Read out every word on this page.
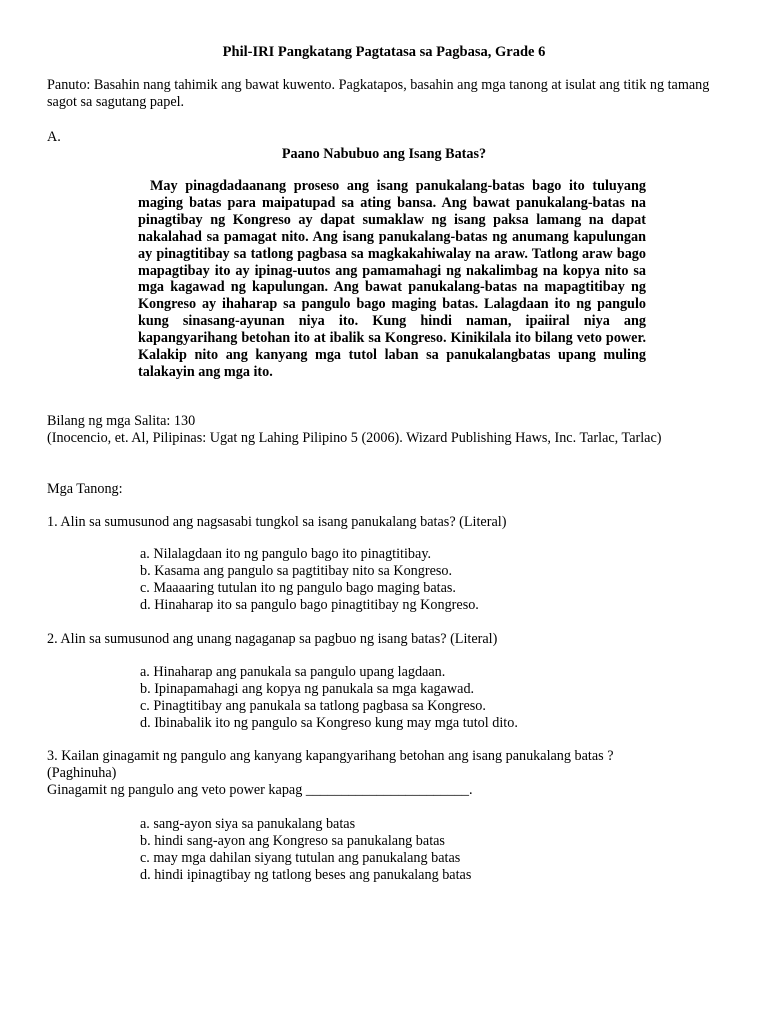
Phil-IRI Pangkatang Pagtatasa sa Pagbasa, Grade 6

Panuto: Basahin nang tahimik ang bawat kuwento. Pagkatapos, basahin ang mga tanong at isulat ang titik ng tamang sagot sa sagutang papel.

A.
Paano Nabubuo ang Isang Batas?

May pinagdadaanang proseso ang isang panukalang-batas bago ito tuluyang maging batas para maipatupad sa ating bansa. Ang bawat panukalang-batas na pinagtibay ng Kongreso ay dapat sumaklaw ng isang paksa lamang na dapat nakalahad sa pamagat nito. Ang isang panukalang-batas ng anumang kapulungan ay pinagtitibay sa tatlong pagbasa sa magkakahiwalay na araw. Tatlong araw bago mapagtibay ito ay ipinag-uutos ang pamamahagi ng nakalimbag na kopya nito sa mga kagawad ng kapulungan. Ang bawat panukalang-batas na mapagtitibay ng Kongreso ay ihaharap sa pangulo bago maging batas. Lalagdaan ito ng pangulo kung sinasang-ayunan niya ito. Kung hindi naman, ipaiiral niya ang kapangyarihang betohan ito at ibalik sa Kongreso. Kinikilala ito bilang veto power. Kalakip nito ang kanyang mga tutol laban sa panukalangbatas upang muling talakayin ang mga ito.

Bilang ng mga Salita: 130

(Inocencio, et. Al, Pilipinas: Ugat ng Lahing Pilipino 5 (2006). Wizard Publishing Haws, Inc. Tarlac, Tarlac)

Mga Tanong:

1. Alin sa sumusunod ang nagsasabi tungkol sa isang panukalang batas? (Literal)

a. Nilalagdaan ito ng pangulo bago ito pinagtitibay.
b. Kasama ang pangulo sa pagtitibay nito sa Kongreso.
c. Maaaaring tutulan ito ng pangulo bago maging batas.
d. Hinaharap ito sa pangulo bago pinagtitibay ng Kongreso.

2. Alin sa sumusunod ang unang nagaganap sa pagbuo ng isang batas? (Literal)

a. Hinaharap ang panukala sa pangulo upang lagdaan.
b. Ipinapamahagi ang kopya ng panukala sa mga kagawad.
c. Pinagtitibay ang panukala sa tatlong pagbasa sa Kongreso.
d. Ibinabalik ito ng pangulo sa Kongreso kung may mga tutol dito.

3. Kailan ginagamit ng pangulo ang kanyang kapangyarihang betohan ang isang panukalang batas ?

(Paghinuha)
Ginagamit ng pangulo ang veto power kapag _______________________.
a. sang-ayon siya sa panukalang batas
b. hindi sang-ayon ang Kongreso sa panukalang batas
c. may mga dahilan siyang tutulan ang panukalang batas
d. hindi ipinagtibay ng tatlong beses ang panukalang batas
